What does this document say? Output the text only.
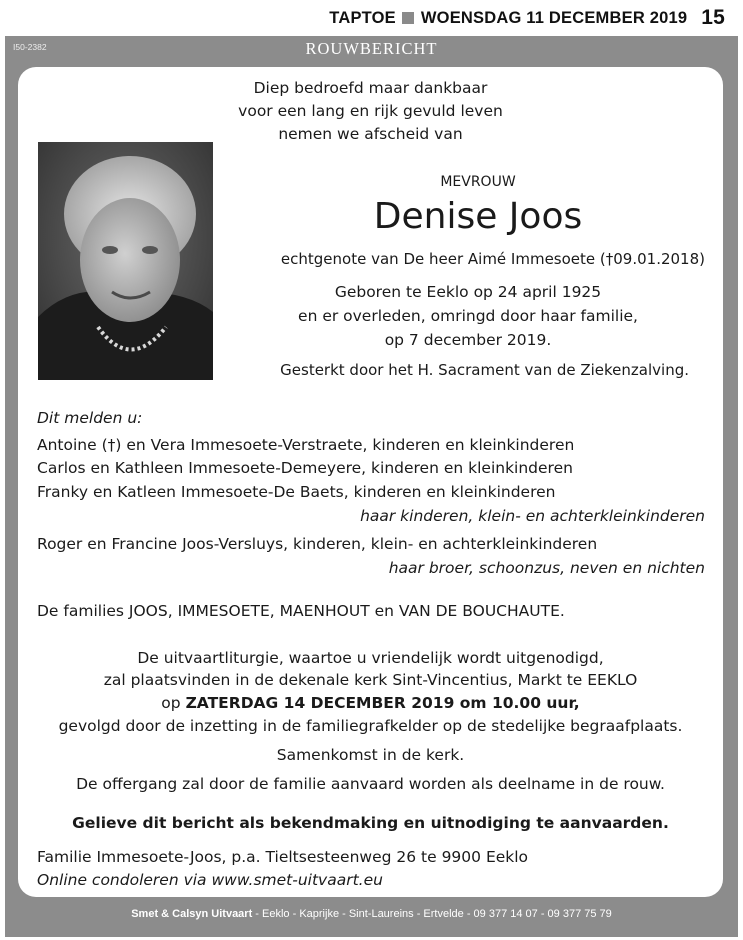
TAPTOE WOENSDAG 11 DECEMBER 2019 15
I50-2382	ROUWBERICHT
Diep bedroefd maar dankbaar
voor een lang en rijk gevuld leven
nemen we afscheid van
MEVROUW
Denise Joos
echtgenote van De heer Aimé Immesoete (†09.01.2018)
Geboren te Eeklo op 24 april 1925
en er overleden, omringd door haar familie,
op 7 december 2019.
Gesterkt door het H. Sacrament van de Ziekenzalving.
Dit melden u:
Antoine (†) en Vera Immesoete-Verstraete, kinderen en kleinkinderen
Carlos en Kathleen Immesoete-Demeyere, kinderen en kleinkinderen
Franky en Katleen Immesoete-De Baets, kinderen en kleinkinderen
haar kinderen, klein- en achterkleinkinderen
Roger en Francine Joos-Versluys, kinderen, klein- en achterkleinkinderen
haar broer, schoonzus, neven en nichten
De families JOOS, IMMESOETE, MAENHOUT en VAN DE BOUCHAUTE.
De uitvaartliturgie, waartoe u vriendelijk wordt uitgenodigd,
zal plaatsvinden in de dekenale kerk Sint-Vincentius, Markt te EEKLO
op ZATERDAG 14 DECEMBER 2019 om 10.00 uur,
gevolgd door de inzetting in de familiegrafkelder op de stedelijke begraafplaats.
Samenkomst in de kerk.
De offergang zal door de familie aanvaard worden als deelname in de rouw.
Gelieve dit bericht als bekendmaking en uitnodiging te aanvaarden.
Familie Immesoete-Joos, p.a. Tieltsesteenweg 26 te 9900 Eeklo
Online condoleren via www.smet-uitvaart.eu
Smet & Calsyn Uitvaart - Eeklo - Kaprijke - Sint-Laureins - Ertvelde - 09 377 14 07 - 09 377 75 79
